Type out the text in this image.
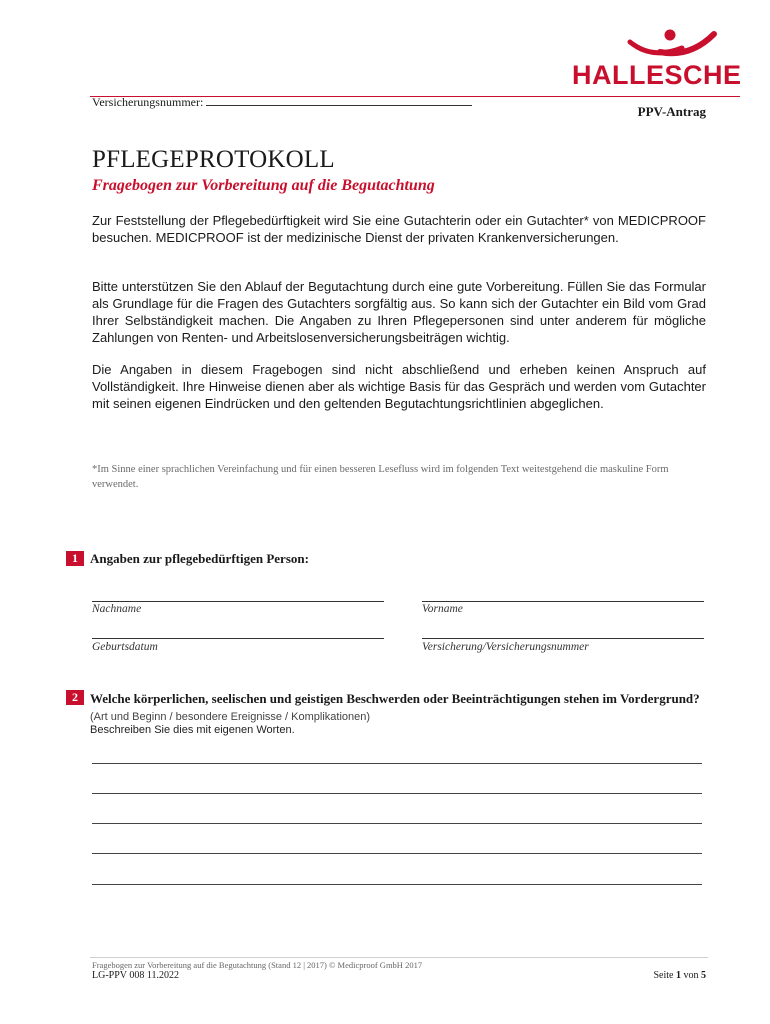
HALLESCHE
Versicherungsnummer:
PPV-Antrag
PFLEGEPROTOKOLL
Fragebogen zur Vorbereitung auf die Begutachtung

Zur Feststellung der Pflegebedürftigkeit wird Sie eine Gutachterin oder ein Gutachter* von MEDICPROOF besuchen. MEDICPROOF ist der medizinische Dienst der privaten Krankenversicherungen.

Bitte unterstützen Sie den Ablauf der Begutachtung durch eine gute Vorbereitung. Füllen Sie das Formular als Grundlage für die Fragen des Gutachters sorgfältig aus. So kann sich der Gutachter ein Bild vom Grad Ihrer Selbständigkeit machen. Die Angaben zu Ihren Pflegepersonen sind unter anderem für mögliche Zahlungen von Renten- und Arbeitslosenversicherungsbeiträgen wichtig.

Die Angaben in diesem Fragebogen sind nicht abschließend und erheben keinen Anspruch auf Vollständigkeit. Ihre Hinweise dienen aber als wichtige Basis für das Gespräch und werden vom Gutachter mit seinen eigenen Eindrücken und den geltenden Begutachtungsrichtlinien abgeglichen.

*Im Sinne einer sprachlichen Vereinfachung und für einen besseren Lesefluss wird im folgenden Text weitestgehend die maskuline Form verwendet.

1 Angaben zur pflegebedürftigen Person:
Nachname	Vorname
Geburtsdatum	Versicherung/Versicherungsnummer
2 Welche körperlichen, seelischen und geistigen Beschwerden oder Beeinträchtigungen stehen im Vordergrund? (Art und Beginn / besondere Ereignisse / Komplikationen)
Beschreiben Sie dies mit eigenen Worten.
Fragebogen zur Vorbereitung auf die Begutachtung (Stand 12 | 2017) © Medicproof GmbH 2017
LG-PPV 008 11.2022	Seite 1 von 5
